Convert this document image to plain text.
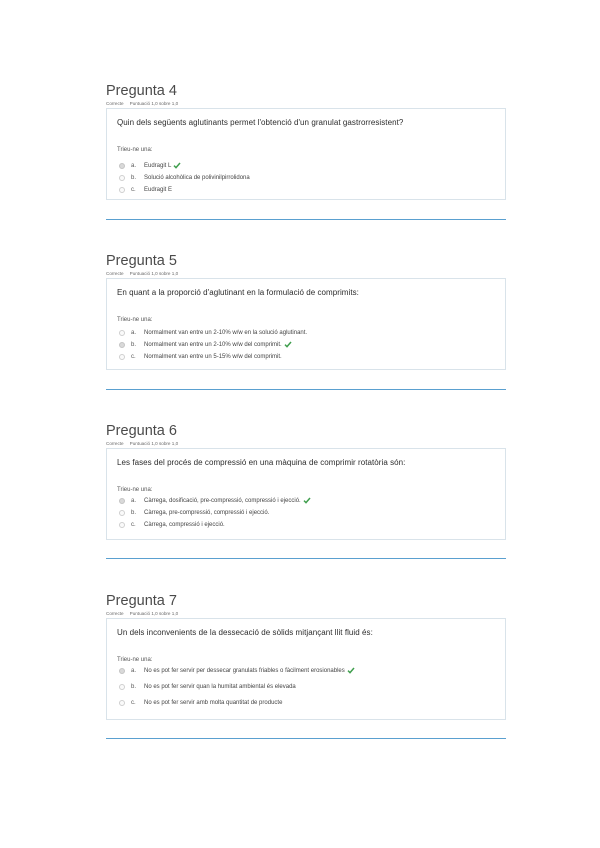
Pregunta 4
Correcte Puntuació 1,0 sobre 1,0
Quin dels següents aglutinants permet l'obtenció d'un granulat gastrorresistent?
Trieu-ne una:
a.	Eudragit L
b.	Solució alcohòlica de polivinilpirrolidona
c.	Eudragit E
Pregunta 5
Correcte Puntuació 1,0 sobre 1,0
En quant a la proporció d'aglutinant en la formulació de comprimits:
Trieu-ne una:
a.	Normalment van entre un 2-10% w/w en la solució aglutinant.
b.	Normalment van entre un 2-10% w/w del comprimit.
c.	Normalment van entre un 5-15% w/w del comprimit.
Pregunta 6
Correcte Puntuació 1,0 sobre 1,0
Les fases del procés de compressió en una màquina de comprimir rotatòria són:
Trieu-ne una:
a.	Càrrega, dosificació, pre-compressió, compressió i ejecció.
b.	Càrrega, pre-compressió, compressió i ejecció.
c.	Càrrega, compressió i ejecció.
Pregunta 7
Correcte Puntuació 1,0 sobre 1,0
Un dels inconvenients de la dessecació de sòlids mitjançant llit fluid és:
Trieu-ne una:
a.	No es pot fer servir per dessecar granulats friables o fàcilment erosionables
b.	No es pot fer servir quan la humitat ambiental és elevada
c.	No es pot fer servir amb molta quantitat de producte
